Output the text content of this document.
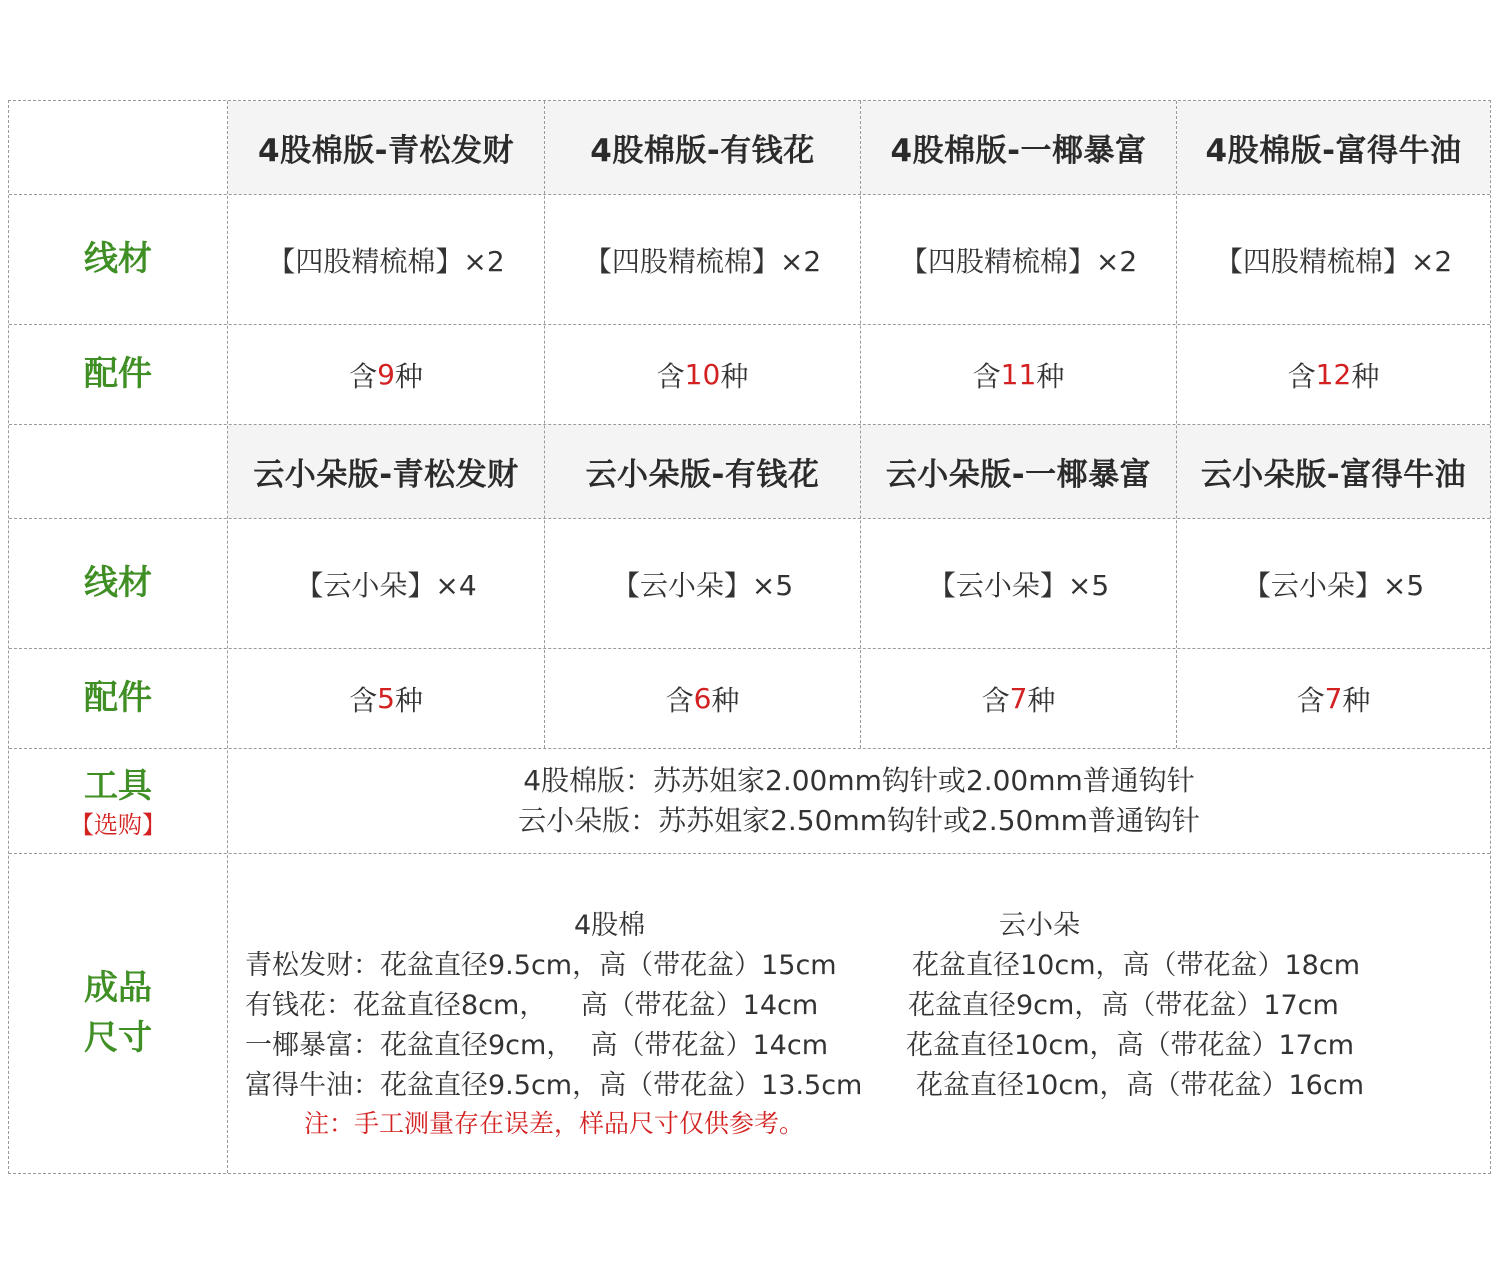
4股棉版-青松发财 4股棉版-有钱花 4股棉版-一椰暴富 4股棉版-富得牛油
线材	【四股精梳棉】×2	【四股精梳棉】×2	【四股精梳棉】×2	【四股精梳棉】×2
配件	含 9 种	含 10 种	含 11 种	含 12 种
云小朵版-青松发财 云小朵版-有钱花 云小朵版-一椰暴富 云小朵版-富得牛油
线材	【云小朵】×4	【云小朵】×5	【云小朵】×5	【云小朵】×5
配件	含 5 种	含 6 种	含 7 种	含 7 种
工具
【选购】
4股棉版：苏苏姐家2.00mm钩针或2.00mm普通钩针
云小朵版：苏苏姐家2.50mm钩针或2.50mm普通钩针
成品
尺寸
4股棉	云小朵
青松发财：花盆直径9.5cm，高（带花盆）15cm	花盆直径10cm，高（带花盆）18cm
有钱花：花盆直径8cm，    高（带花盆）14cm	花盆直径9cm，高（带花盆）17cm
一椰暴富：花盆直径9cm，  高（带花盆）14cm	花盆直径10cm，高（带花盆）17cm
富得牛油：花盆直径9.5cm，高（带花盆）13.5cm 花盆直径10cm，高（带花盆）16cm
注：手工测量存在误差，样品尺寸仅供参考。
